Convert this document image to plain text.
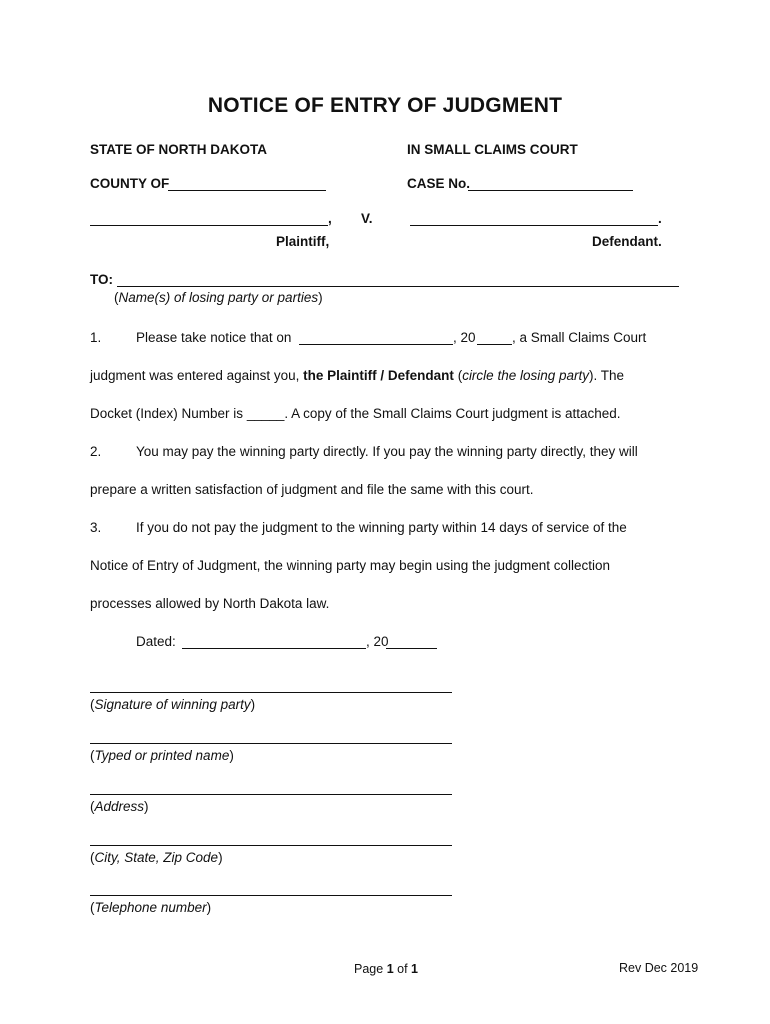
NOTICE OF ENTRY OF JUDGMENT
STATE OF NORTH DAKOTA	IN SMALL CLAIMS COURT
COUNTY OF	CASE No.
, V.	.
Plaintiff,	Defendant.
TO:
(Name(s) of losing party or parties)
1.	Please take notice that on	, 20	, a Small Claims Court
judgment was entered against you, the Plaintiff / Defendant (circle the losing party). The
Docket (Index) Number is _____. A copy of the Small Claims Court judgment is attached.
2.	You may pay the winning party directly. If you pay the winning party directly, they will
prepare a written satisfaction of judgment and file the same with this court.
3.	If you do not pay the judgment to the winning party within 14 days of service of the
Notice of Entry of Judgment, the winning party may begin using the judgment collection
processes allowed by North Dakota law.
Dated:	, 20
(Signature of winning party)
(Typed or printed name)
(Address)
(City, State, Zip Code)
(Telephone number)
Page 1 of 1	Rev Dec 2019
